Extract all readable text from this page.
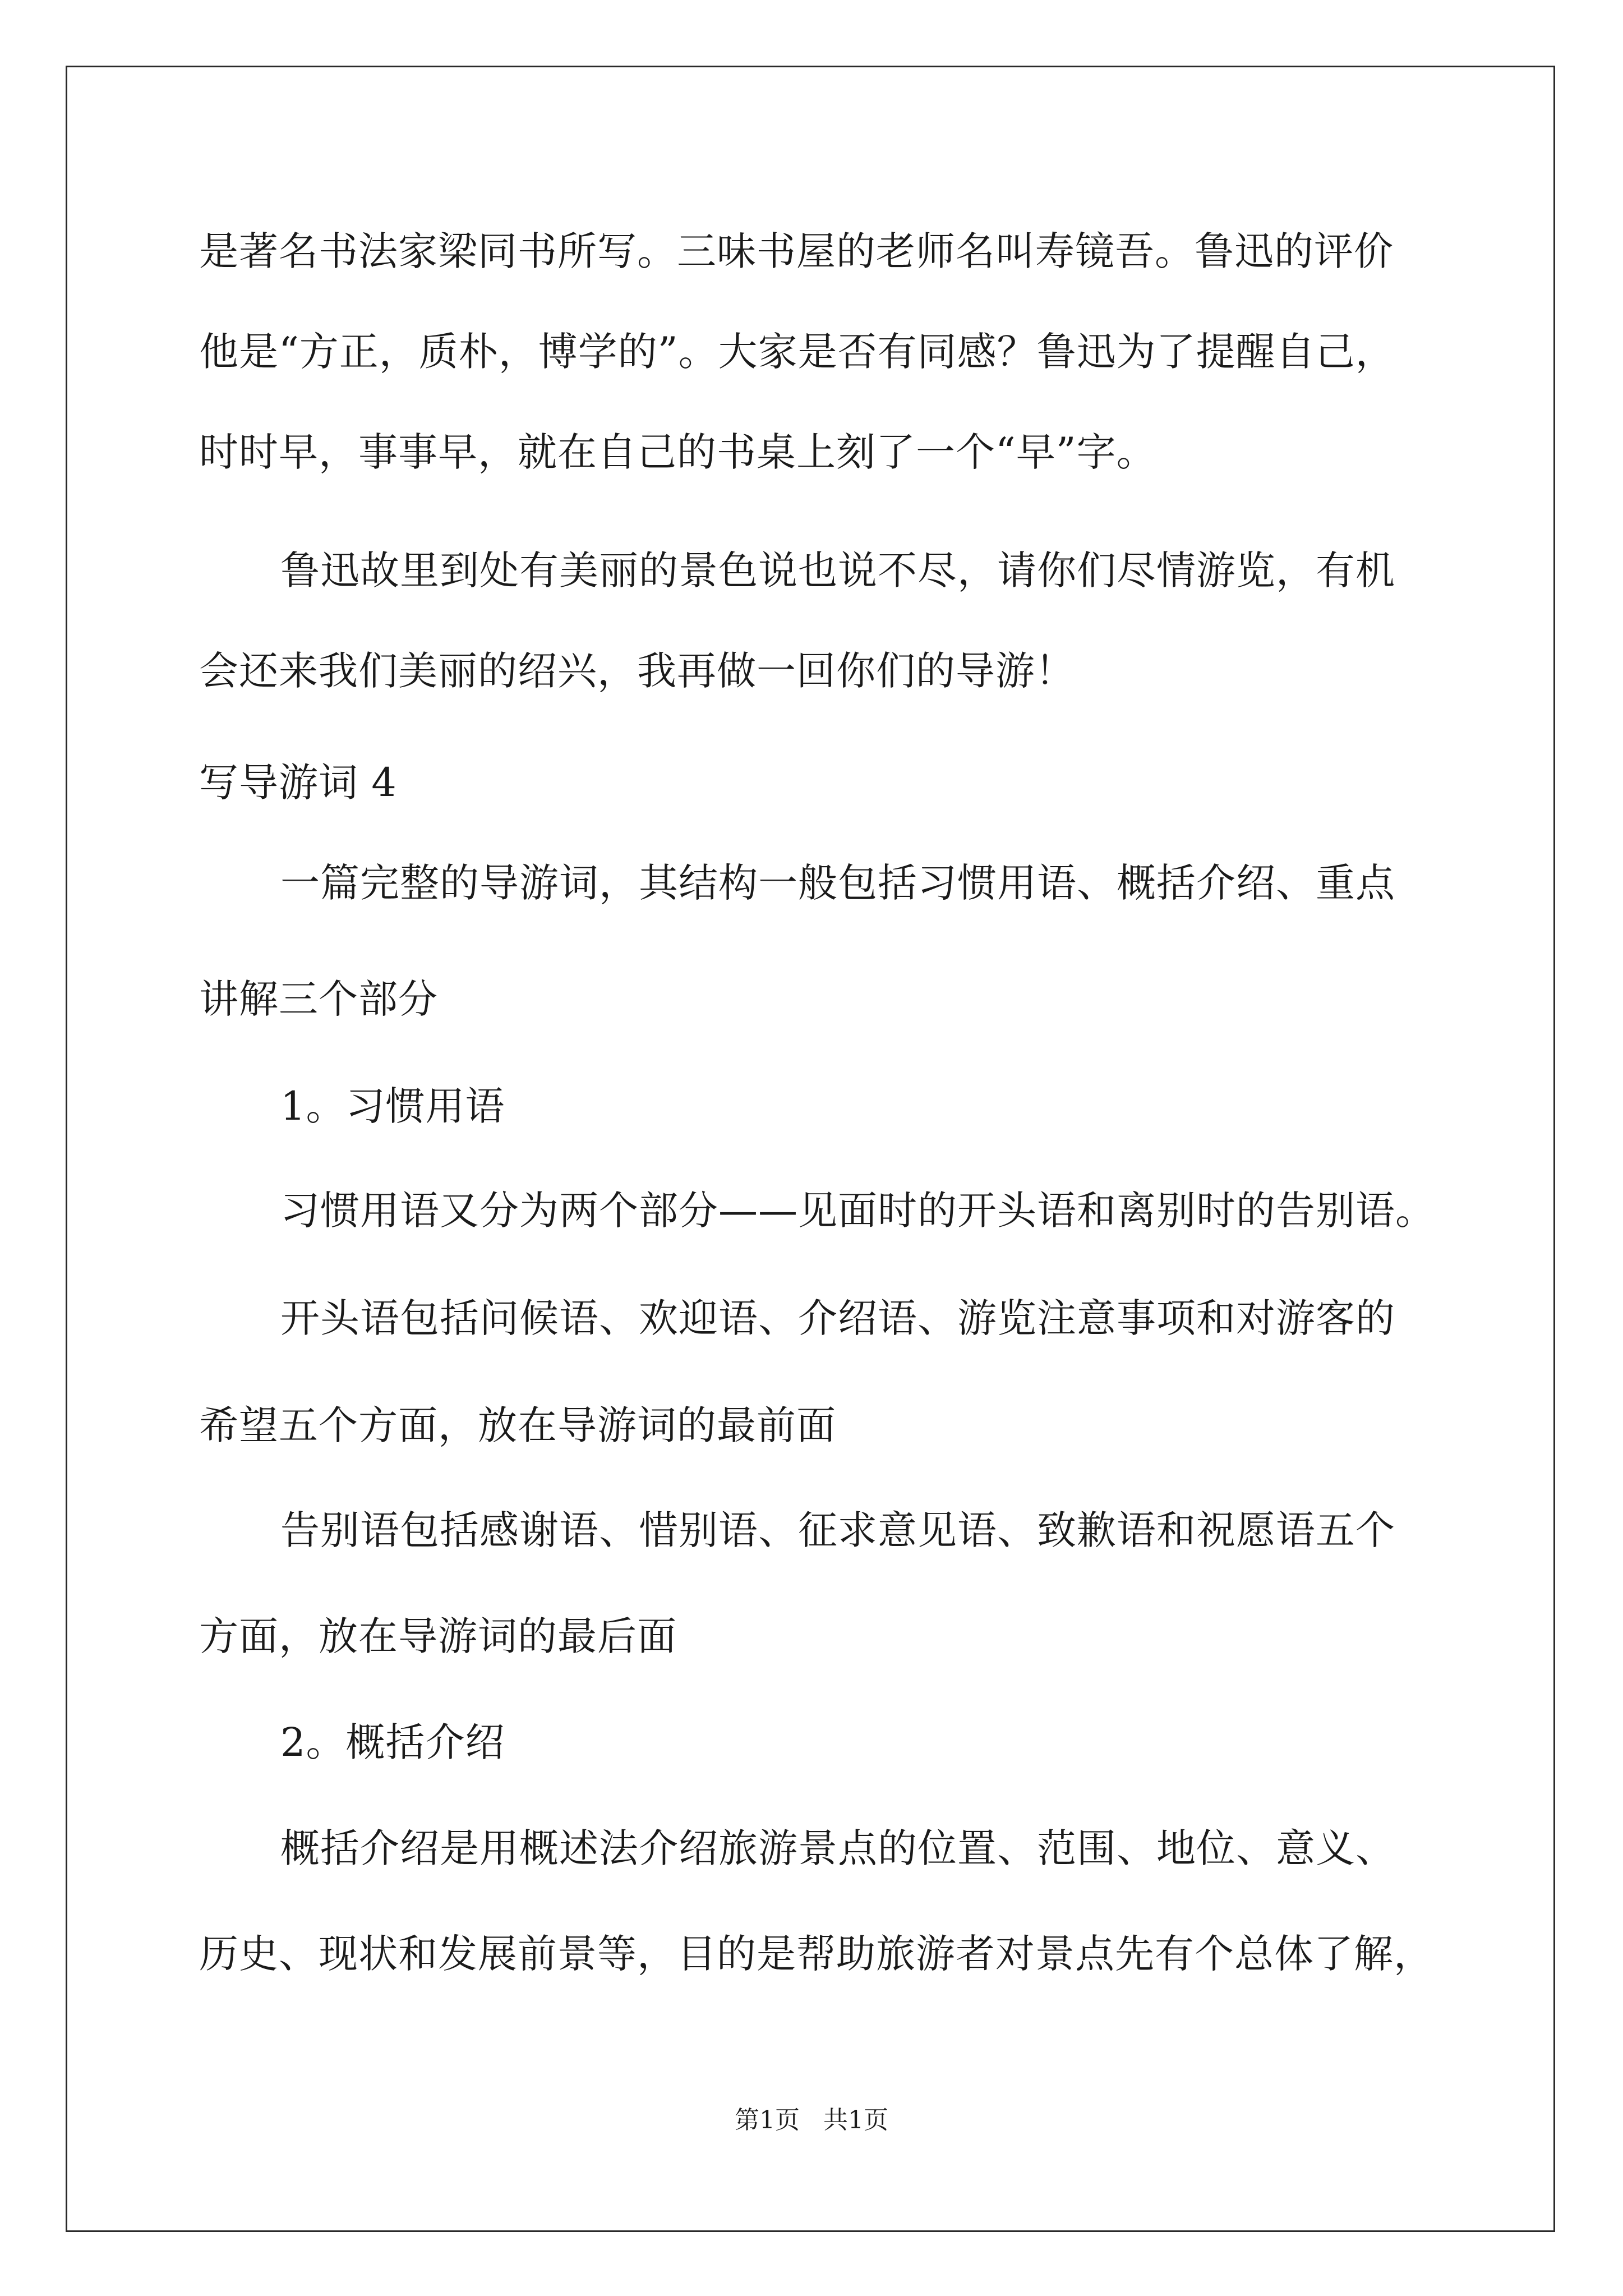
是著名书法家梁同书所写。三味书屋的老师名叫寿镜吾。鲁迅的评价
他是“方正，质朴，博学的”。大家是否有同感？鲁迅为了提醒自己，
时时早，事事早，就在自己的书桌上刻了一个“早”字。
鲁迅故里到处有美丽的景色说也说不尽，请你们尽情游览，有机
会还来我们美丽的绍兴，我再做一回你们的导游！
写导游词 4
一篇完整的导游词，其结构一般包括习惯用语、概括介绍、重点
讲解三个部分
1。习惯用语
习惯用语又分为两个部分——见面时的开头语和离别时的告别语。
开头语包括问候语、欢迎语、介绍语、游览注意事项和对游客的
希望五个方面，放在导游词的最前面
告别语包括感谢语、惜别语、征求意见语、致歉语和祝愿语五个
方面，放在导游词的最后面
2。概括介绍
概括介绍是用概述法介绍旅游景点的位置、范围、地位、意义、
历史、现状和发展前景等，目的是帮助旅游者对景点先有个总体了解，
第1页 共1页
